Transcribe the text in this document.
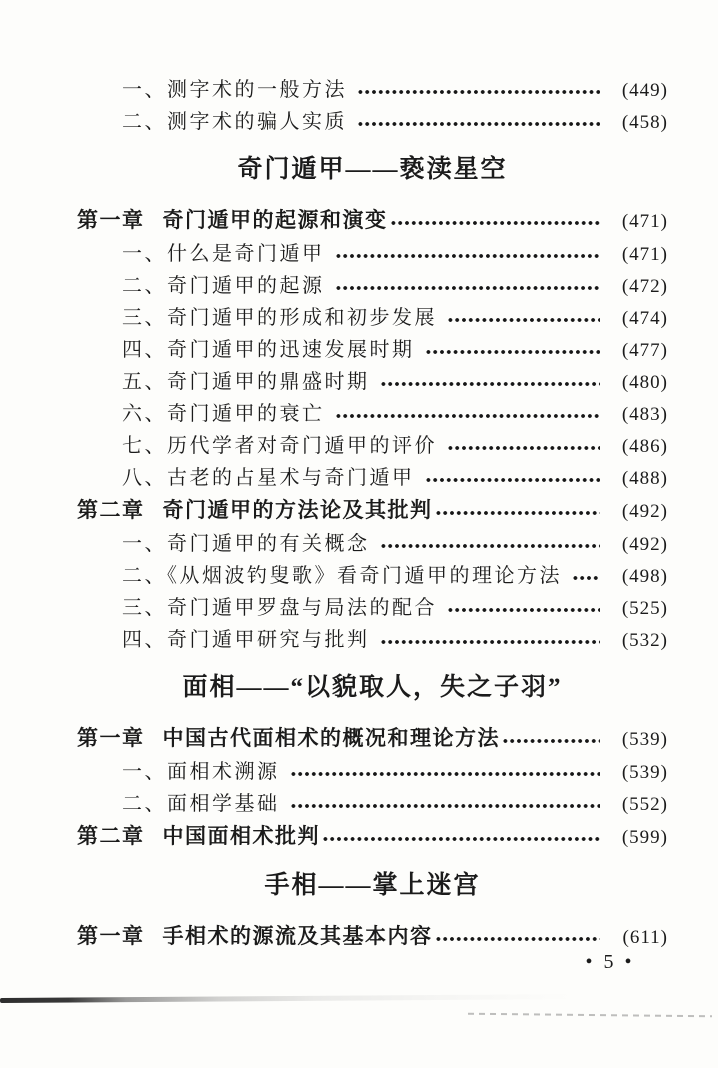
一、测字术的一般方法	(449)
二、测字术的骗人实质	(458)
奇门遁甲——亵渎星空
第一章 奇门遁甲的起源和演变	(471)
一、什么是奇门遁甲	(471)
二、奇门遁甲的起源	(472)
三、奇门遁甲的形成和初步发展	(474)
四、奇门遁甲的迅速发展时期	(477)
五、奇门遁甲的鼎盛时期	(480)
六、奇门遁甲的衰亡	(483)
七、历代学者对奇门遁甲的评价	(486)
八、古老的占星术与奇门遁甲	(488)
第二章 奇门遁甲的方法论及其批判	(492)
一、奇门遁甲的有关概念	(492)
二、《从烟波钓叟歌》看奇门遁甲的理论方法	(498)
三、奇门遁甲罗盘与局法的配合	(525)
四、奇门遁甲研究与批判	(532)
面相——“以貌取人，失之子羽”
第一章 中国古代面相术的概况和理论方法	(539)
一、面相术溯源	(539)
二、面相学基础	(552)
第二章 中国面相术批判	(599)
手相——掌上迷宫
第一章 手相术的源流及其基本内容	(611)
• 5 •
